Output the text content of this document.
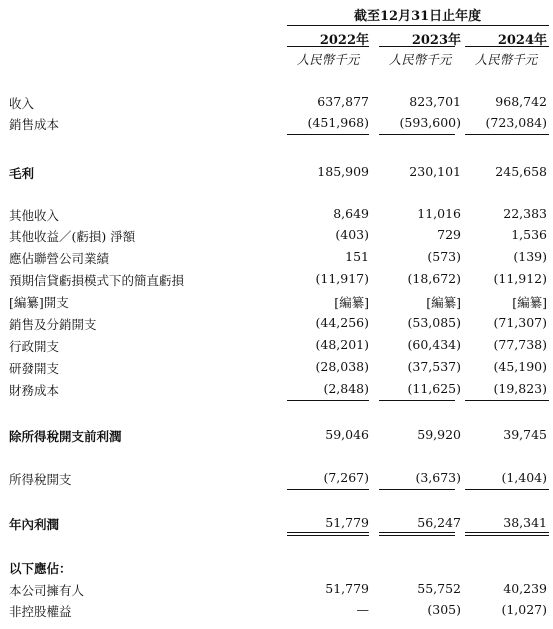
截至12月31日止年度
2022年	2023年	2024年
人民幣千元	人民幣千元	人民幣千元
收入	637,877	823,701	968,742
銷售成本	(451,968)	(593,600)	(723,084)
毛利	185,909	230,101	245,658
其他收入	8,649	11,016	22,383
其他收益／(虧損) 淨額	(403)	729	1,536
應佔聯營公司業績	151	(573)	(139)
預期信貸虧損模式下的簡直虧損	(11,917)	(18,672)	(11,912)
[編纂]開支	[編纂]	[編纂]	[編纂]
銷售及分銷開支	(44,256)	(53,085)	(71,307)
行政開支	(48,201)	(60,434)	(77,738)
研發開支	(28,038)	(37,537)	(45,190)
財務成本	(2,848)	(11,625)	(19,823)
除所得稅開支前利潤	59,046	59,920	39,745
所得稅開支	(7,267)	(3,673)	(1,404)
年內利潤	51,779	56,247	38,341
以下應佔：
本公司擁有人	51,779	55,752	40,239
非控股權益	—	(305)	(1,027)
